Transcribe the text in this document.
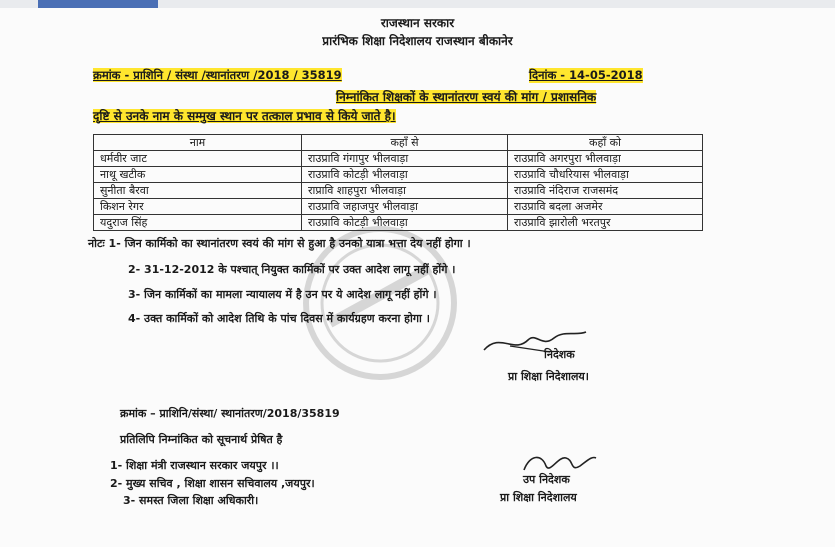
राजस्थान सरकार
प्रारंभिक शिक्षा निदेशालय राजस्थान बीकानेर
क्रमांक - प्राशिनि / संस्था /स्थानांतरण /2018 / 35819	दिनांक - 14-05-2018
निम्नांकित शिक्षकों के स्थानांतरण स्वयं की मांग / प्रशासनिक
दृष्टि से उनके नाम के सम्मुख स्थान पर तत्काल प्रभाव से किये जाते है।
नाम	कहाँ से	कहाँ को
धर्मवीर जाट	राउप्रावि गंगापुर भीलवाड़ा	राउप्रावि अगरपुरा भीलवाड़ा
नाथू खटीक	राउप्रावि कोटड़ी भीलवाड़ा	राउप्रावि चौधरियास भीलवाड़ा
सुनीता बैरवा	राप्रावि शाहपुरा भीलवाड़ा	राउप्रावि नंदिराज राजसमंद
किशन रेगर	राउप्रावि जहाजपुर भीलवाड़ा	राउप्रावि बदला अजमेर
यदुराज सिंह	राउप्रावि कोटड़ी भीलवाड़ा	राउप्रावि झारोली भरतपुर
नोटः 1- जिन कार्मिको का स्थानांतरण स्वयं की मांग से हुआ है उनको यात्रा भत्ता देय नहीं होगा ।
2- 31-12-2012 के पश्चात् नियुक्त कार्मिकों पर उक्त आदेश लागू नहीं होंगे ।
3- जिन कार्मिकों का मामला न्यायालय में है उन पर ये आदेश लागू नहीं होंगे ।
4- उक्त कार्मिकों को आदेश तिथि के पांच दिवस में कार्यग्रहण करना होगा ।
निदेशक
प्रा शिक्षा निदेशालय।
क्रमांक – प्राशिनि/संस्था/ स्थानांतरण/2018/35819
प्रतिलिपि निम्नांकित को सूचनार्थ प्रेषित है
1- शिक्षा मंत्री राजस्थान सरकार जयपुर ।।
2- मुख्य सचिव , शिक्षा शासन सचिवालय ,जयपुर।
3- समस्त जिला शिक्षा अधिकारी।
उप निदेशक
प्रा शिक्षा निदेशालय
